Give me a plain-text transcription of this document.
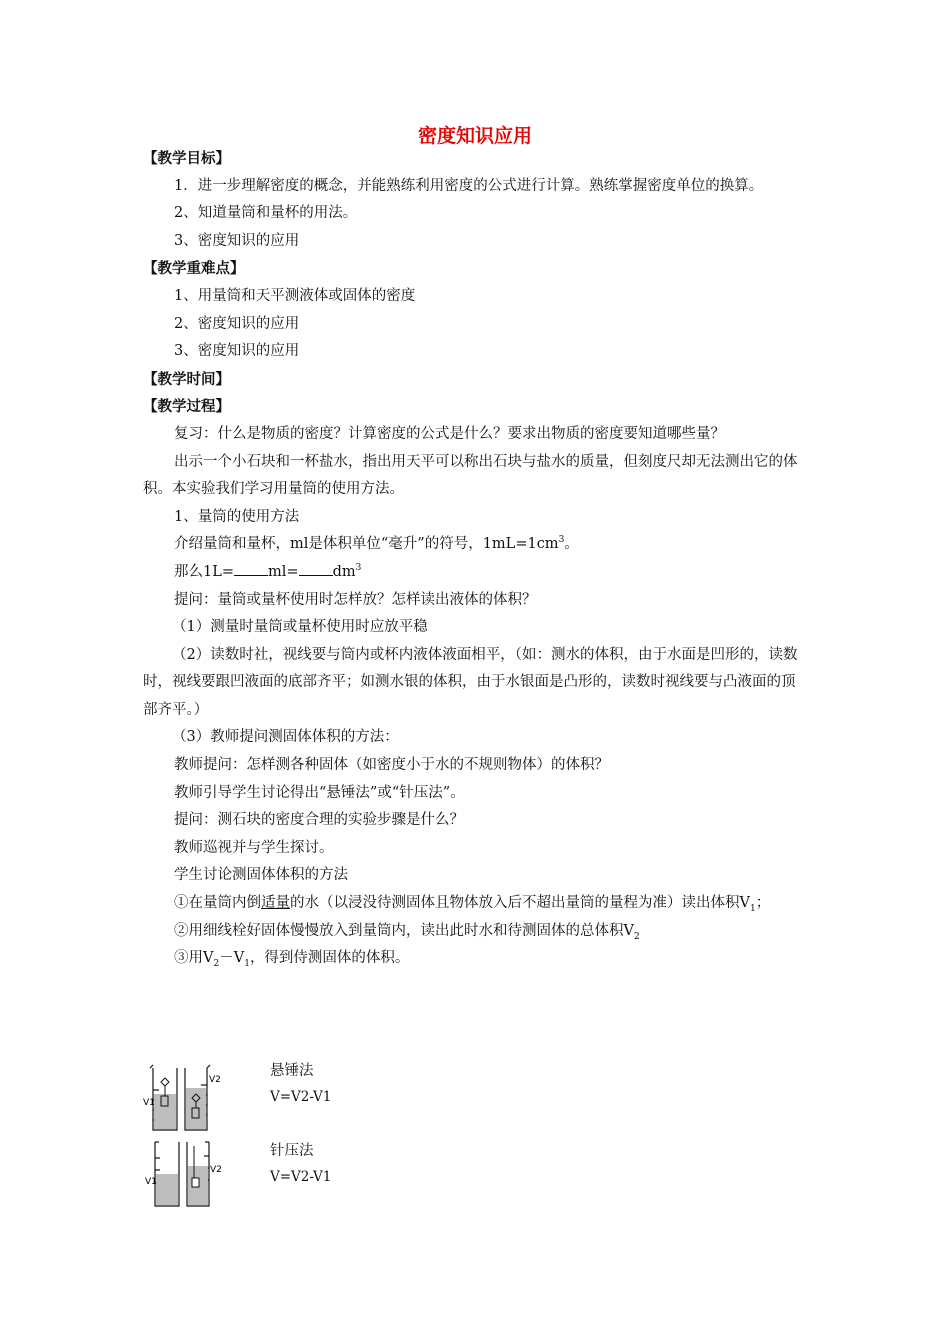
密度知识应用

【教学目标】

1．进一步理解密度的概念，并能熟练利用密度的公式进行计算。熟练掌握密度单位的换算。

2、知道量筒和量杯的用法。

3、密度知识的应用

【教学重难点】

1、用量筒和天平测液体或固体的密度

2、密度知识的应用

3、密度知识的应用

【教学时间】

【教学过程】

复习：什么是物质的密度？计算密度的公式是什么？要求出物质的密度要知道哪些量？

出示一个小石块和一杯盐水，指出用天平可以称出石块与盐水的质量，但刻度尺却无法测出它的体积。本实验我们学习用量筒的使用方法。

1、量筒的使用方法

介绍量筒和量杯，ml是体积单位“毫升”的符号，$1mL=1cm^3$。

那么$1L= ml= dm^3$

提问：量筒或量杯使用时怎样放？怎样读出液体的体积？

（1）测量时量筒或量杯使用时应放平稳

（2）读数时社，视线要与筒内或杯内液体液面相平，（如：测水的体积，由于水面是凹形的，读数时，视线要跟凹液面的底部齐平；如测水银的体积，由于水银面是凸形的，读数时视线要与凸液面的顶部齐平。）

（3）教师提问测固体体积的方法：

教师提问：怎样测各种固体（如密度小于水的不规则物体）的体积？

教师引导学生讨论得出“悬锤法”或“针压法”。

提问：测石块的密度合理的实验步骤是什么？

教师巡视并与学生探讨。

学生讨论测固体体积的方法

①在量筒内倒适量的水（以浸没待测固体且物体放入后不超出量筒的量程为准）读出体积$V_1$；

②用细线栓好固体慢慢放入到量筒内，读出此时水和待测固体的总体积$V_2$

③用$V_2-V_1$，得到侍测固体的体积。

V1
V2
悬锤法
V=V2-V1
V1
V2
针压法
V=V2-V1
